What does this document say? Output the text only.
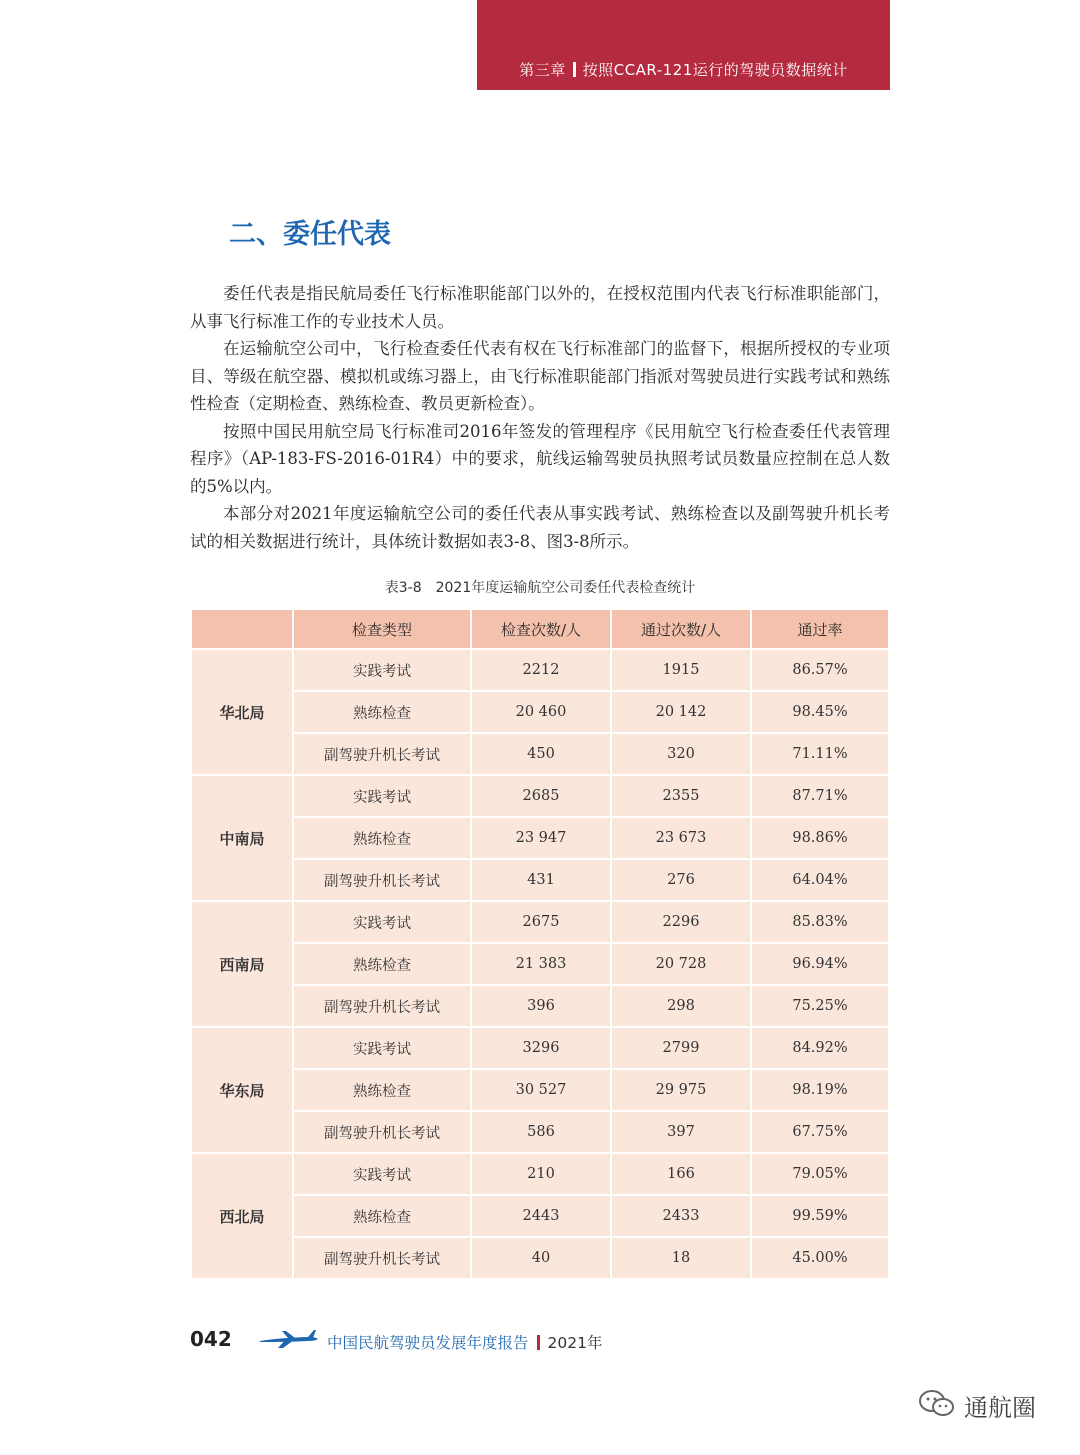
第三章 按照CCAR-121运行的驾驶员数据统计
二、委任代表

委任代表是指民航局委任飞行标准职能部门以外的，在授权范围内代表飞行标准职能部门，从事飞行标准工作的专业技术人员。

在运输航空公司中，飞行检查委任代表有权在飞行标准部门的监督下，根据所授权的专业项目、等级在航空器、模拟机或练习器上，由飞行标准职能部门指派对驾驶员进行实践考试和熟练性检查（定期检查、熟练检查、教员更新检查）。

按照中国民用航空局飞行标准司2016年签发的管理程序《民用航空飞行检查委任代表管理程序》（AP-183-FS-2016-01R4）中的要求，航线运输驾驶员执照考试员数量应控制在总人数的5%以内。

本部分对2021年度运输航空公司的委任代表从事实践考试、熟练检查以及副驾驶升机长考试的相关数据进行统计，具体统计数据如表3-8、图3-8所示。

表3-8　2021年度运输航空公司委任代表检查统计
	检查类型	检查次数/人	通过次数/人	通过率
华北局	实践考试	2212	1915	86.57%
	熟练检查	20 460	20 142	98.45%
	副驾驶升机长考试	450	320	71.11%
中南局	实践考试	2685	2355	87.71%
	熟练检查	23 947	23 673	98.86%
	副驾驶升机长考试	431	276	64.04%
西南局	实践考试	2675	2296	85.83%
	熟练检查	21 383	20 728	96.94%
	副驾驶升机长考试	396	298	75.25%
华东局	实践考试	3296	2799	84.92%
	熟练检查	30 527	29 975	98.19%
	副驾驶升机长考试	586	397	67.75%
西北局	实践考试	210	166	79.05%
	熟练检查	2443	2433	99.59%
	副驾驶升机长考试	40	18	45.00%
042	中国民航驾驶员发展年度报告 2021年
通航圈
